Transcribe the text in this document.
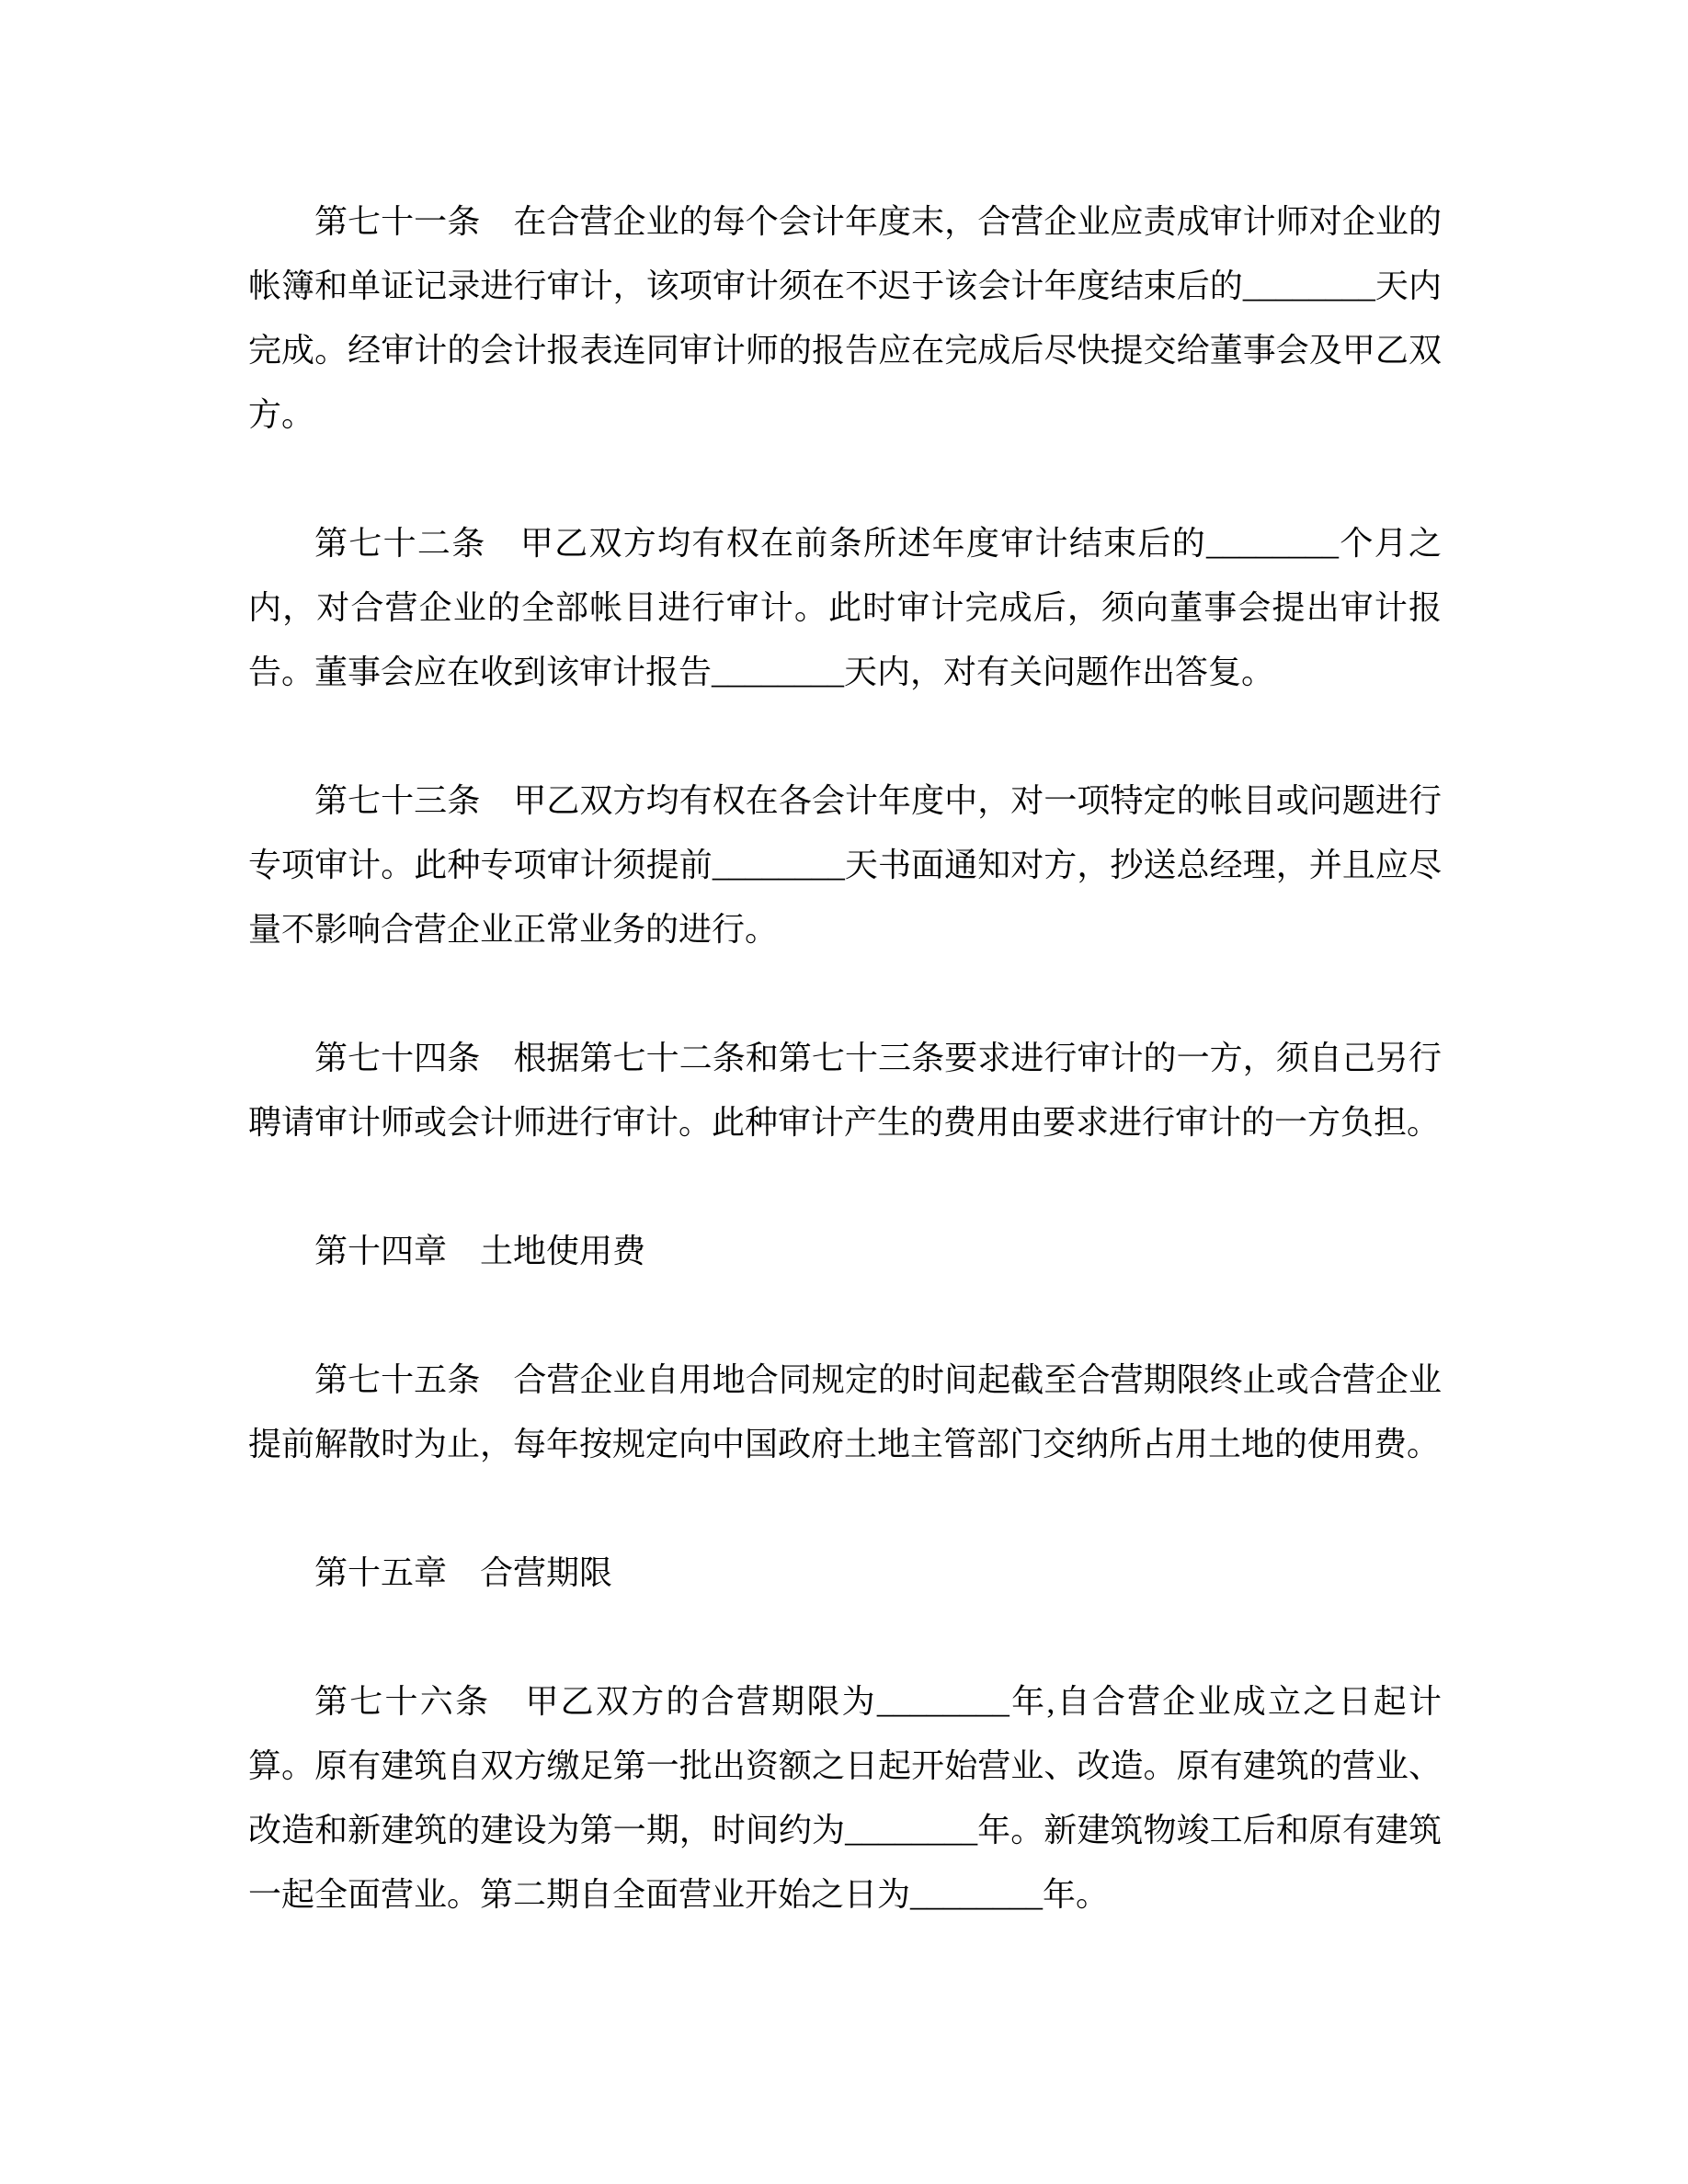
第七十一条　在合营企业的每个会计年度末，合营企业应责成审计师对企业的帐簿和单证记录进行审计，该项审计须在不迟于该会计年度结束后的________天内完成。经审计的会计报表连同审计师的报告应在完成后尽快提交给董事会及甲乙双方。

第七十二条　甲乙双方均有权在前条所述年度审计结束后的________个月之内，对合营企业的全部帐目进行审计。此时审计完成后，须向董事会提出审计报告。董事会应在收到该审计报告________天内，对有关问题作出答复。

第七十三条　甲乙双方均有权在各会计年度中，对一项特定的帐目或问题进行专项审计。此种专项审计须提前________天书面通知对方，抄送总经理，并且应尽量不影响合营企业正常业务的进行。

第七十四条　根据第七十二条和第七十三条要求进行审计的一方，须自己另行聘请审计师或会计师进行审计。此种审计产生的费用由要求进行审计的一方负担。

第十四章　土地使用费

第七十五条　合营企业自用地合同规定的时间起截至合营期限终止或合营企业提前解散时为止，每年按规定向中国政府土地主管部门交纳所占用土地的使用费。

第十五章　合营期限

第七十六条　甲乙双方的合营期限为________年,自合营企业成立之日起计算。原有建筑自双方缴足第一批出资额之日起开始营业、改造。原有建筑的营业、改造和新建筑的建设为第一期，时间约为________年。新建筑物竣工后和原有建筑一起全面营业。第二期自全面营业开始之日为________年。
